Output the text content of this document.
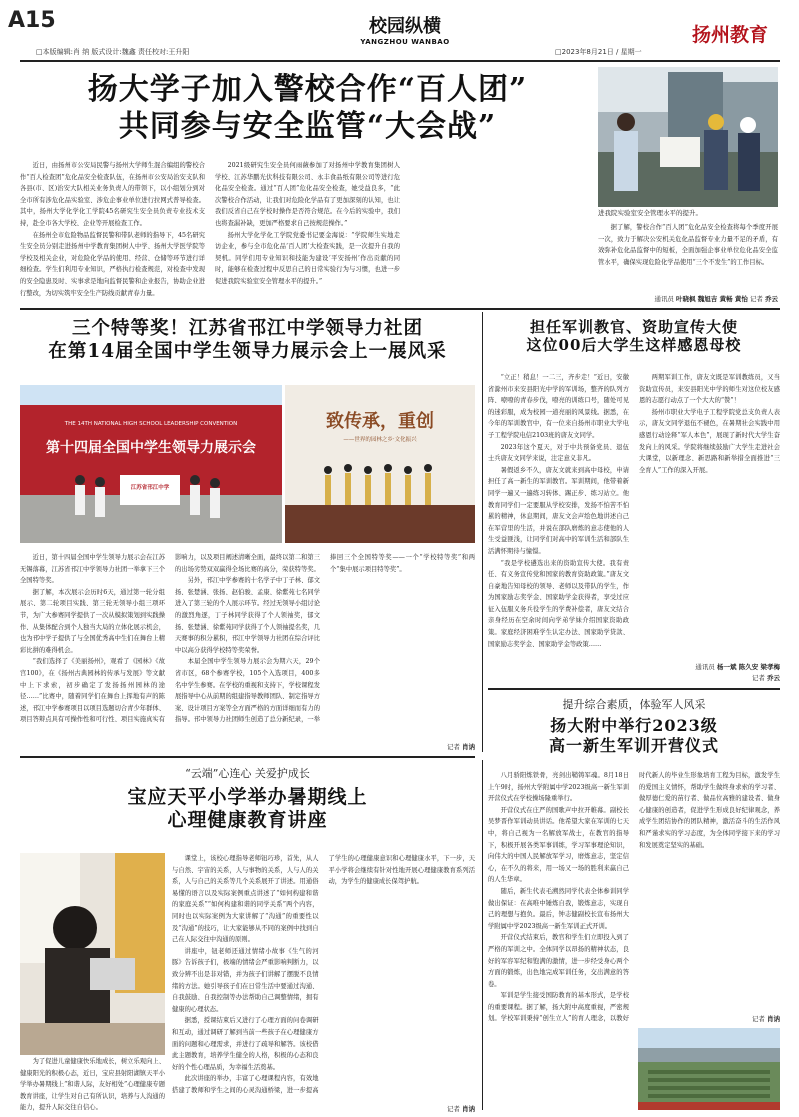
A15
□本版编辑:肖 纳 版式设计:魏鑫 责任校对:王升阳
校园纵横
YANGZHOU WANBAO
□2023年8月21日 / 星期一
扬州教育
扬大学子加入警校合作“百人团”
共同参与安全监管“大会战”
进我院实验室安全管理水平的提升。

近日，由扬州市公安局民警与扬州大学师生混合编组的警校合作“百人检查团”危化品安全检查队伍，在扬州市公安局治安支队和各县(市、区)治安大队相关业务负责人的带领下，以小组划分到对全市所有涉危化品实验室、涉危企事业单位进行拉网式普导检查。其中，扬州大学化学化工学院45名研究生安全员负责专业技术支持，赴全市各大学校、企业等开展检查工作。

在扬州全市危险物品监督民警和带队老师的指导下，45名研究生安全员分别走进扬州中学教育集团树人中学、扬州大学医学院等学校及相关企业，对危险化学品的使用、经营、仓储等环节进行详细检查。学生们利用专业知识，严格执行检查规范，对检查中发现的安全隐患及时、实事求是地向监督民警和企业报告，协助企业进行整改，为切实筑牢安全生产防线贡献青春力量。

2021级研究生安全员何雨薇参加了对扬州中学教育集团树人学校、江苏华鹏光伏科技有限公司、永丰食品纸有限公司等进行危化品安全检查。通过“百人团”危化品安全检查，她受益良多，“此次警校合作活动，让我们对危险化学品有了更加深刻的认知，也让我们反省自己在学校时操作是否符合规范。在今后的实验中，我们也将查漏补缺，更加严格要求自己按规范操作。”

扬州大学化学化工学院党委书记要金海说：“学院师生实地走访企业，参与全市危化品‘百人团’大检查实践，是一次提升自我的契机。同学们用专业知识和技能为建设‘平安扬州’作出贡献的同时，能够在检查过程中反思自己的日常实验行为与习惯，也进一步促进我院实验室安全管理水平的提升。”

据了解，警校合作“百人团”危化品安全检查将每个季度开展一次，致力于解决公安机关危化品监督专业力量不足的矛盾，有效弥补危化品监督中的短板，全面加强企事业单位危化品安全监管水平，确保实现危险化学品使用“三个不发生”的工作目标。

通讯员 叶晓枫 魏旭吉 黄畅 黄怡 记者 乔云
三个特等奖！江苏省邗江中学领导力社团
在第14届全国中学生领导力展示会上一展风采
THE 14TH NATIONAL HIGH SCHOOL LEADERSHIP CONVENTION
第十四届全国中学生领导力展示会
江苏省邗江中学
致传承，重创
——世界的园林之乡·文化振兴

近日，第十四届全国中学生领导力展示会在江苏无锡落幕，江苏省邗江中学领导力社团一举拿下三个全国特等奖。

据了解，本次展示会历时6天，通过第一轮分组展示、第二轮项目实践、第三轮无领导小组三项环节，为广大参赛同学提供了一次从模拟策划到实践操作、从集体配合到个人独当大局的立体化展示机会，也为邗中学子提供了与全国优秀高中生们在舞台上精彩比拼的难得机会。

“我们选择了《美丽扬州》，观看了《园林》《故宫100》，在《扬州古典园林的传承与发展》等文献中上下求索，初步确定了发扬扬州园林的途径……”比赛中，随着同学们在舞台上挥地有声的陈述，邗江中学参赛项目以项目选题切合青少年群体、项目答辩点具有可操作性和可行性、项目实施真实有影响力，以及项目阐述清晰全面，最终以第二和第三的出场劣势双双赢得全场比赛的高分，荣获特等奖。

另外，邗江中学参赛的十名学子中丁子林、郁文扬、张楚涵、张扬、赵伯骏、孟康、徐紫苑七名同学进入了第三轮的个人展示环节。经过无领导小组讨论的激烈角逐，丁子林同学获得了个人领袖奖，郁文扬、张楚涵、徐紫苑同学获得了个人领袖提名奖，几天赛事的积分累积，邗江中学领导力社团在综合评比中以高分获得学校特等奖荣誉。

本届全国中学生领导力展示会为期六天，29个省市区，68个参赛学校，105个入选项目，400多名中学生参赛。在学校的重视和支持下，学校课程发展指导中心从前期的组建指导教师团队、制定指导方案、设计项目方案等全方面严格的方面详细而有力的指导。邗中领导力社团师生创造了总分新纪录，一举捧回三个全国特等奖——一个“学校特等奖”和两个“集中展示项目特等奖”。

记者 肖讷
担任军训教官、资助宣传大使
这位00后大学生这样感恩母校

“立正！稍息！一二三，齐步走！”近日，安徽省滁州市来安县阳光中学的军训场，整齐的队列方阵、嘹嘹的青春步伐，嘹亮的训练口号，随处可见的迷彩服，成为校园一道亮丽的风景线。据悉，在今年的军训教官中，有一位来自扬州市职业大学电子工程学院电信2103班的唐友文同学。

2023年这个夏天，对于中共预备党员、退伍士兵唐友文同学来说，注定意义非凡。

暑假返乡不久，唐友文就来到高中母校，申请担任了高一新生的军训教官。军训期间，他带着新同学一遍又一遍练习转体、踢正步、练习站立。他教育同学们一定要服从学校安排，发扬不怕苦不怕累的精神，休息期间，唐友文会声绘色地讲述自己在军营里的生活，并说在部队磨炼的意志使他的人生受益匪浅，让同学们对高中的军训生活和部队生活满怀期待与憧憬。

“我是学校遴选出来的资助宣传大使。我有责任、有义务宣传党和国家的教育资助政策。”唐友文自豪地告知母校的领导、老师以及带队的学生，作为国家励志奖学金、国家助学金获得者，享受过应征入伍服义务兵役学生的学费补偿者，唐友文结合亲身经历在空余时间向学弟学妹介绍国家资助政策。家庭经济困难学生认定办法、国家助学贷款、国家励志奖学金、国家助学金等政策……

两期军训工作，唐友文既是军训教练员，又当资助宣传员，来安县阳光中学的师生对这位校友感恩的志愿行动点了一个大大的“赞”！

扬州市职业大学电子工程学院党总支负责人表示，唐友文同学退伍不褪色，在暑期社会实践中用感恩行动诠释“军人本色”，展现了新时代大学生奋发向上的风采。学院将继续鼓励广大学生走进社会大课堂，以新理念、新思路和新举措全面推进“三全育人”工作的深入开展。

通讯员 杨一斌 陈久安 梁孝梅
记者 乔云
“云端”心连心 关爱护成长
宝应天平小学举办暑期线上
心理健康教育讲座

为了促进儿童健康快乐地成长，树立乐观向上、健康阳光的积极心态，近日，宝应县射阳湖镇天平小学举办暑期线上“和谐人际，友好相处”心理健康专题教育讲座，让学生对自己有所认识，培养与人沟通的能力，提升人际交往自信心。

课堂上，该校心理指导老师钮巧珍，首先，从人与自然、宇宙的关系，人与事物的关系，人与人的关系，人与自己的关系等几个关系展开了讲述。用通俗易懂的语言以及实际案例重点讲述了“如何构建和谐的家庭关系”“如何构建和谐的同学关系”两个内容，同时也以实际案例为大家讲解了“沟通”的重要性以及“沟通”的技巧，让大家能够从不同的案例中找到自己在人际交往中沟通的原则。

讲座中，钮老师还通过情绪小故事《生气的河豚》告诉孩子们，极端的情绪会严重影响判断力，以致分辨不出是非对错，并为孩子们讲解了摆脱不良情绪的方法。她引导孩子们在日常生活中要通过沟通、自我鼓励、自我控制等办法帮助自己调整情绪，拥有健康的心理状态。

据悉，授课结束后又进行了心理方面的问卷调研和互动，通过调研了解到当前一些孩子在心理健康方面的问题和心理需求，并进行了疏导和解答。该校借此主题教育，培养学生健全的人格，积极的心态和良好的个性心理品质，为幸福生活奠基。

此次讲座的举办，丰富了心理课程内容，有效地搭建了教师和学生之间的心灵沟通桥梁，进一步提高了学生的心理健康意识和心理健康水平，下一步，天平小学将会继续有针对性地开展心理健康教育系列活动，为学生的健康成长保驾护航。

记者 肖讷
提升综合素质，体验军人风采
扬大附中举行2023级
高一新生军训开营仪式

八月骄阳炼铁骨，亮剑出鞘铸军魂。8月18日上午9时，扬州大学附属中学2023级高一新生军训开营仪式在学校操场隆重举行。

开营仪式在庄严的国歌声中拉开帷幕。副校长吴梦晋作军训动员讲话。他希望大家在军训的七天中，将自己视为一名解放军战士，在教官的指导下，积极开展各类军事训练，学习军事理论知识，向伟大的中国人民解放军学习，磨炼意志，坚定信心，在不久的将来，用一场又一场的胜利来赢自己的人生华章。

随后，新生代表毛溯然同学代表全体参训同学做出保证：在高唯中锤炼自我，锻炼意志，实现自己的理想与抱负。最后，钟志健副校长宣布扬州大学附属中学2023级高一新生军训正式开训。

开营仪式结束后，教官和学生们立即投入到了严格的军训之中。全体同学以昂扬的精神状态，良好的军容军纪和饱满的激情，进一步经受身心两个方面的锻炼，出色地完成军训任务，交出满意的答卷。

军训是学生接受国防教育的基本形式，是学校的重要课程。据了解，扬大附中高度重视，严密规划。学校军训秉持“创生立人”的育人理念，以教好时代新人的毕业生形象培育工程为目标，激发学生的爱国主义情怀，帮助学生做终身求索的学习者、做厚德仁爱的苗行者、做品位高雅的建设者、做身心健康的创造者，促进学生形成良好纪律观念，养成学生团结协作的团队精神，激活奋斗的生活作风和严谨求实的学习态度，为全体同学接下来的学习和发展奠定坚实的基础。

记者 肖讷
